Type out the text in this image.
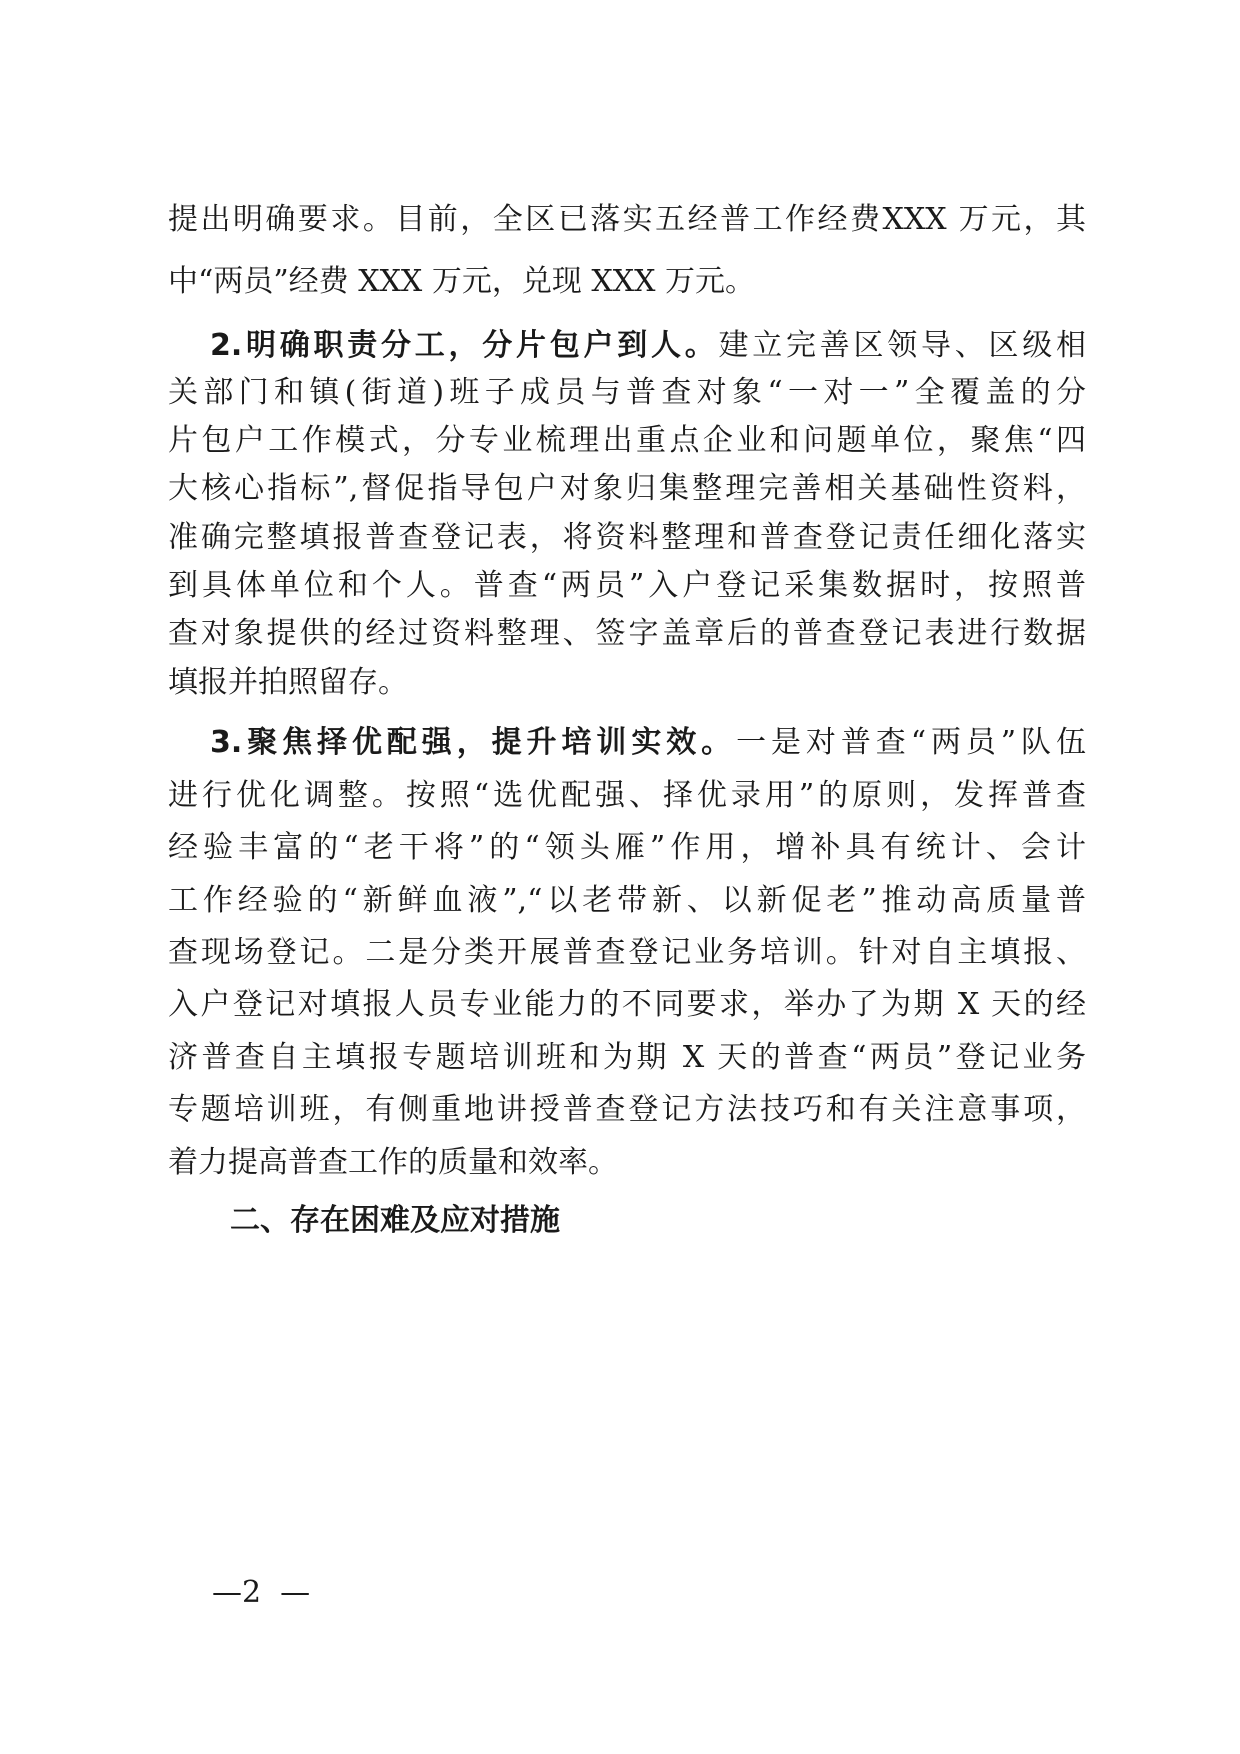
提出明确要求。目前，全区已落实五经普工作经费XXX 万元，其
中“两员”经费 XXX 万元，兑现 XXX 万元。
2.明确职责分工，分片包户到人。建立完善区领导、区级相
关部门和镇(街道)班子成员与普查对象“一对一”全覆盖的分
片包户工作模式，分专业梳理出重点企业和问题单位，聚焦“四
大核心指标”,督促指导包户对象归集整理完善相关基础性资料，
准确完整填报普查登记表，将资料整理和普查登记责任细化落实
到具体单位和个人。普查“两员”入户登记采集数据时，按照普
查对象提供的经过资料整理、签字盖章后的普查登记表进行数据
填报并拍照留存。
3.聚焦择优配强，提升培训实效。一是对普查“两员”队伍
进行优化调整。按照“选优配强、择优录用”的原则，发挥普查
经验丰富的“老干将”的“领头雁”作用，增补具有统计、会计
工作经验的“新鲜血液”,“以老带新、以新促老”推动高质量普
查现场登记。二是分类开展普查登记业务培训。针对自主填报、
入户登记对填报人员专业能力的不同要求，举办了为期 X 天的经
济普查自主填报专题培训班和为期 X 天的普查“两员”登记业务
专题培训班，有侧重地讲授普查登记方法技巧和有关注意事项，
着力提高普查工作的质量和效率。
二、存在困难及应对措施
—2  —
